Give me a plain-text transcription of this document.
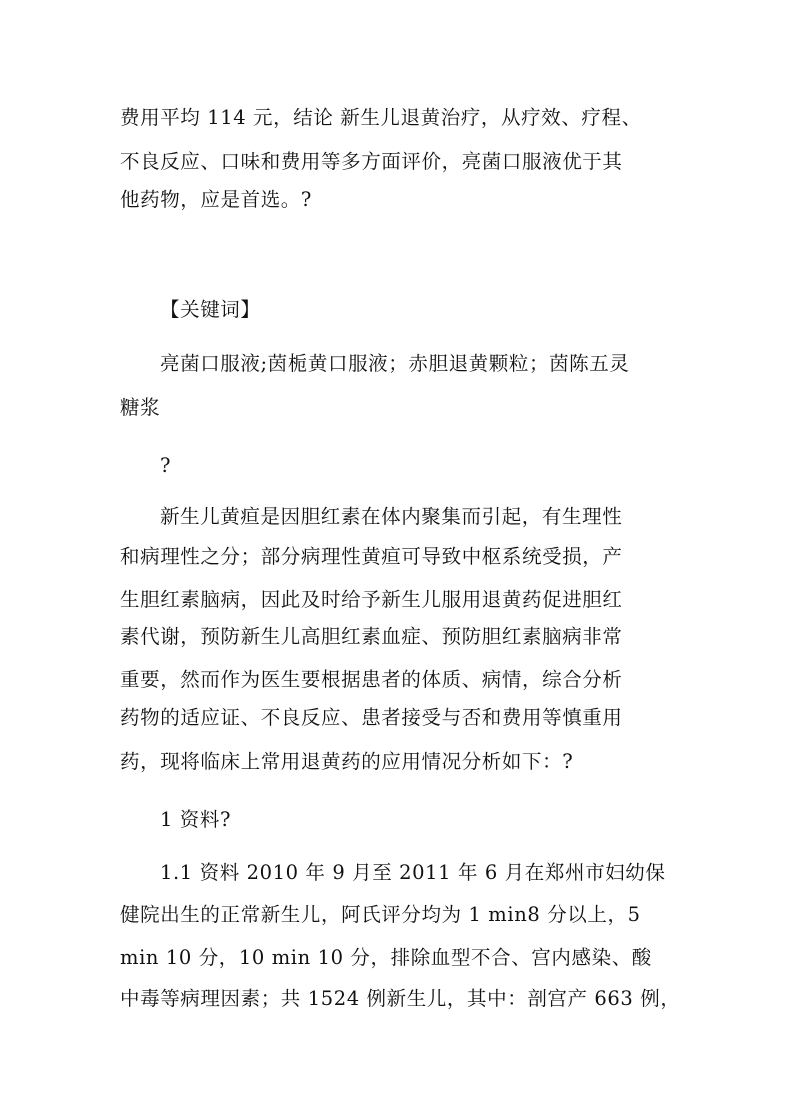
费用平均 114 元，结论 新生儿退黄治疗，从疗效、疗程、
不良反应、口味和费用等多方面评价，亮菌口服液优于其
他药物，应是首选。?
【关键词】
亮菌口服液;茵栀黄口服液；赤胆退黄颗粒；茵陈五灵
糖浆
?
新生儿黄疸是因胆红素在体内聚集而引起，有生理性
和病理性之分；部分病理性黄疸可导致中枢系统受损，产
生胆红素脑病，因此及时给予新生儿服用退黄药促进胆红
素代谢，预防新生儿高胆红素血症、预防胆红素脑病非常
重要，然而作为医生要根据患者的体质、病情，综合分析
药物的适应证、不良反应、患者接受与否和费用等慎重用
药，现将临床上常用退黄药的应用情况分析如下：?
1 资料?
1.1 资料 2010 年 9 月至 2011 年 6 月在郑州市妇幼保
健院出生的正常新生儿，阿氏评分均为 1 min8 分以上，5
min 10 分，10 min 10 分，排除血型不合、宫内感染、酸
中毒等病理因素；共 1524 例新生儿，其中：剖宫产 663 例，
